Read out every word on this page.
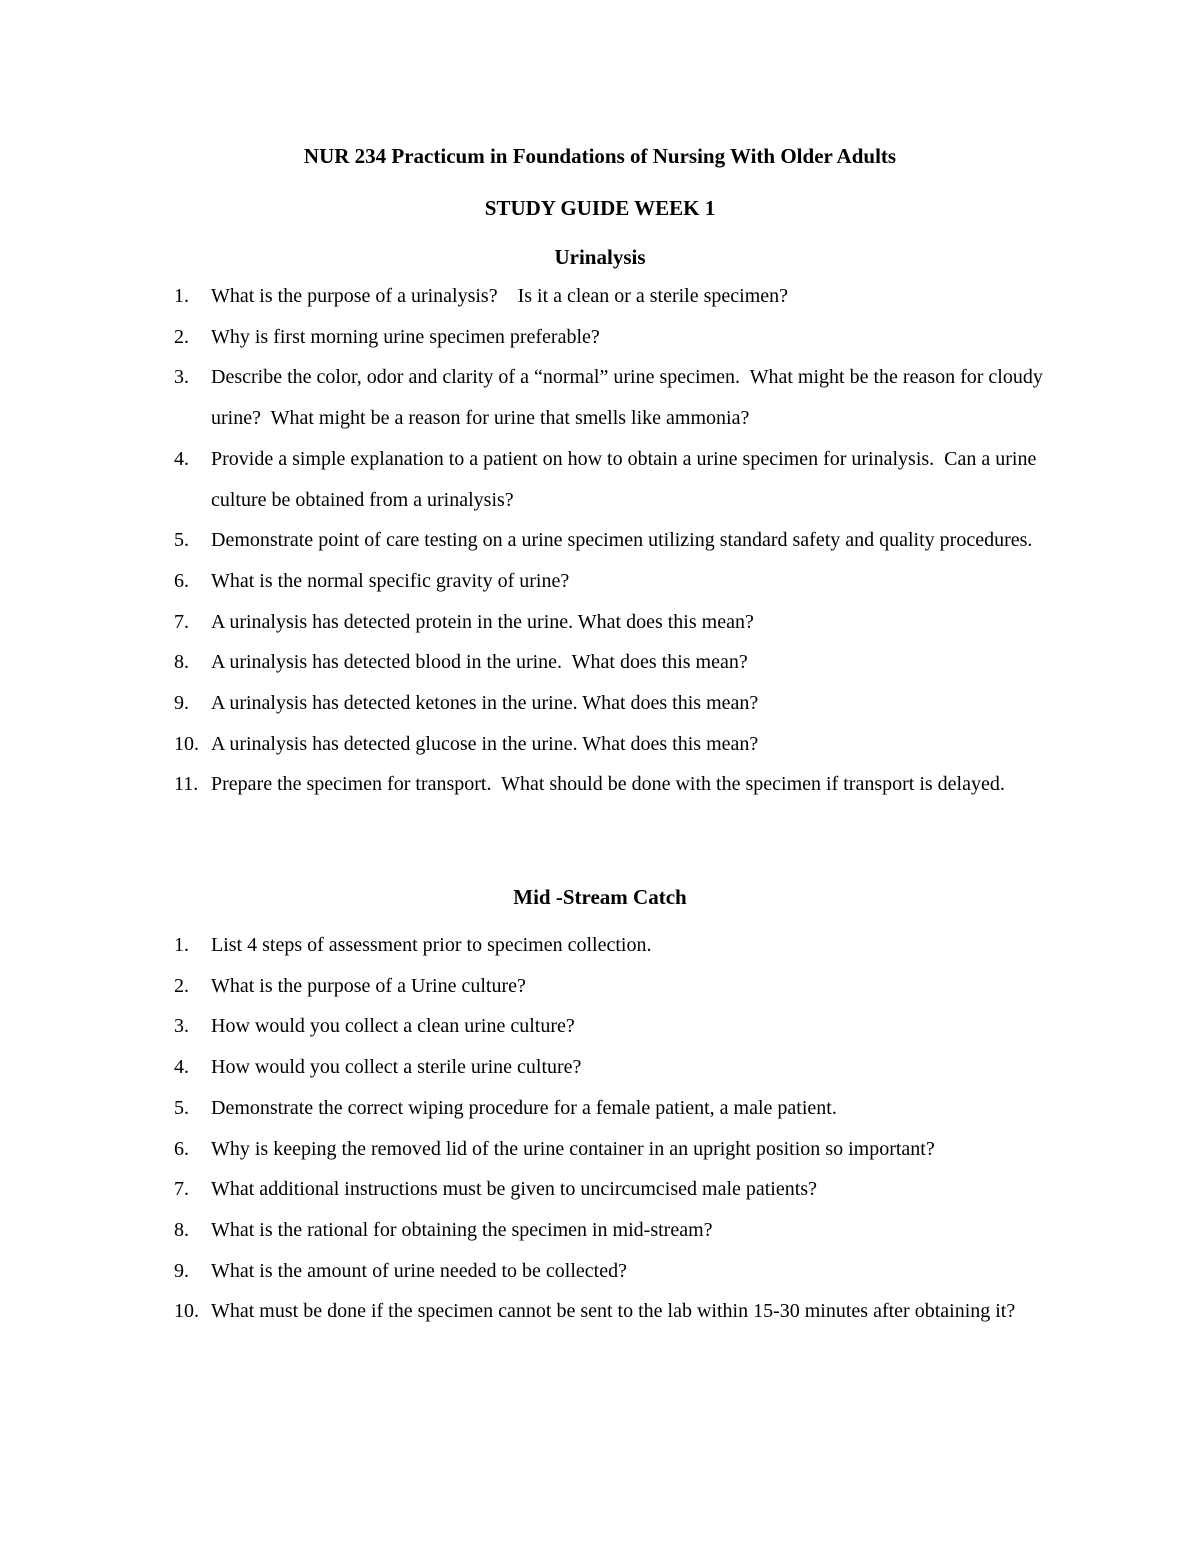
NUR 234 Practicum in Foundations of Nursing With Older Adults
STUDY GUIDE WEEK 1
Urinalysis
1. What is the purpose of a urinalysis?    Is it a clean or a sterile specimen?
2. Why is first morning urine specimen preferable?
3. Describe the color, odor and clarity of a “normal” urine specimen.  What might be the reason for cloudy urine?  What might be a reason for urine that smells like ammonia?
4. Provide a simple explanation to a patient on how to obtain a urine specimen for urinalysis.  Can a urine culture be obtained from a urinalysis?
5. Demonstrate point of care testing on a urine specimen utilizing standard safety and quality procedures.
6. What is the normal specific gravity of urine?
7. A urinalysis has detected protein in the urine. What does this mean?
8. A urinalysis has detected blood in the urine.  What does this mean?
9. A urinalysis has detected ketones in the urine. What does this mean?
10. A urinalysis has detected glucose in the urine. What does this mean?
11. Prepare the specimen for transport.  What should be done with the specimen if transport is delayed.
Mid -Stream Catch
1. List 4 steps of assessment prior to specimen collection.
2. What is the purpose of a Urine culture?
3. How would you collect a clean urine culture?
4. How would you collect a sterile urine culture?
5. Demonstrate the correct wiping procedure for a female patient, a male patient.
6. Why is keeping the removed lid of the urine container in an upright position so important?
7. What additional instructions must be given to uncircumcised male patients?
8. What is the rational for obtaining the specimen in mid-stream?
9. What is the amount of urine needed to be collected?
10. What must be done if the specimen cannot be sent to the lab within 15-30 minutes after obtaining it?
